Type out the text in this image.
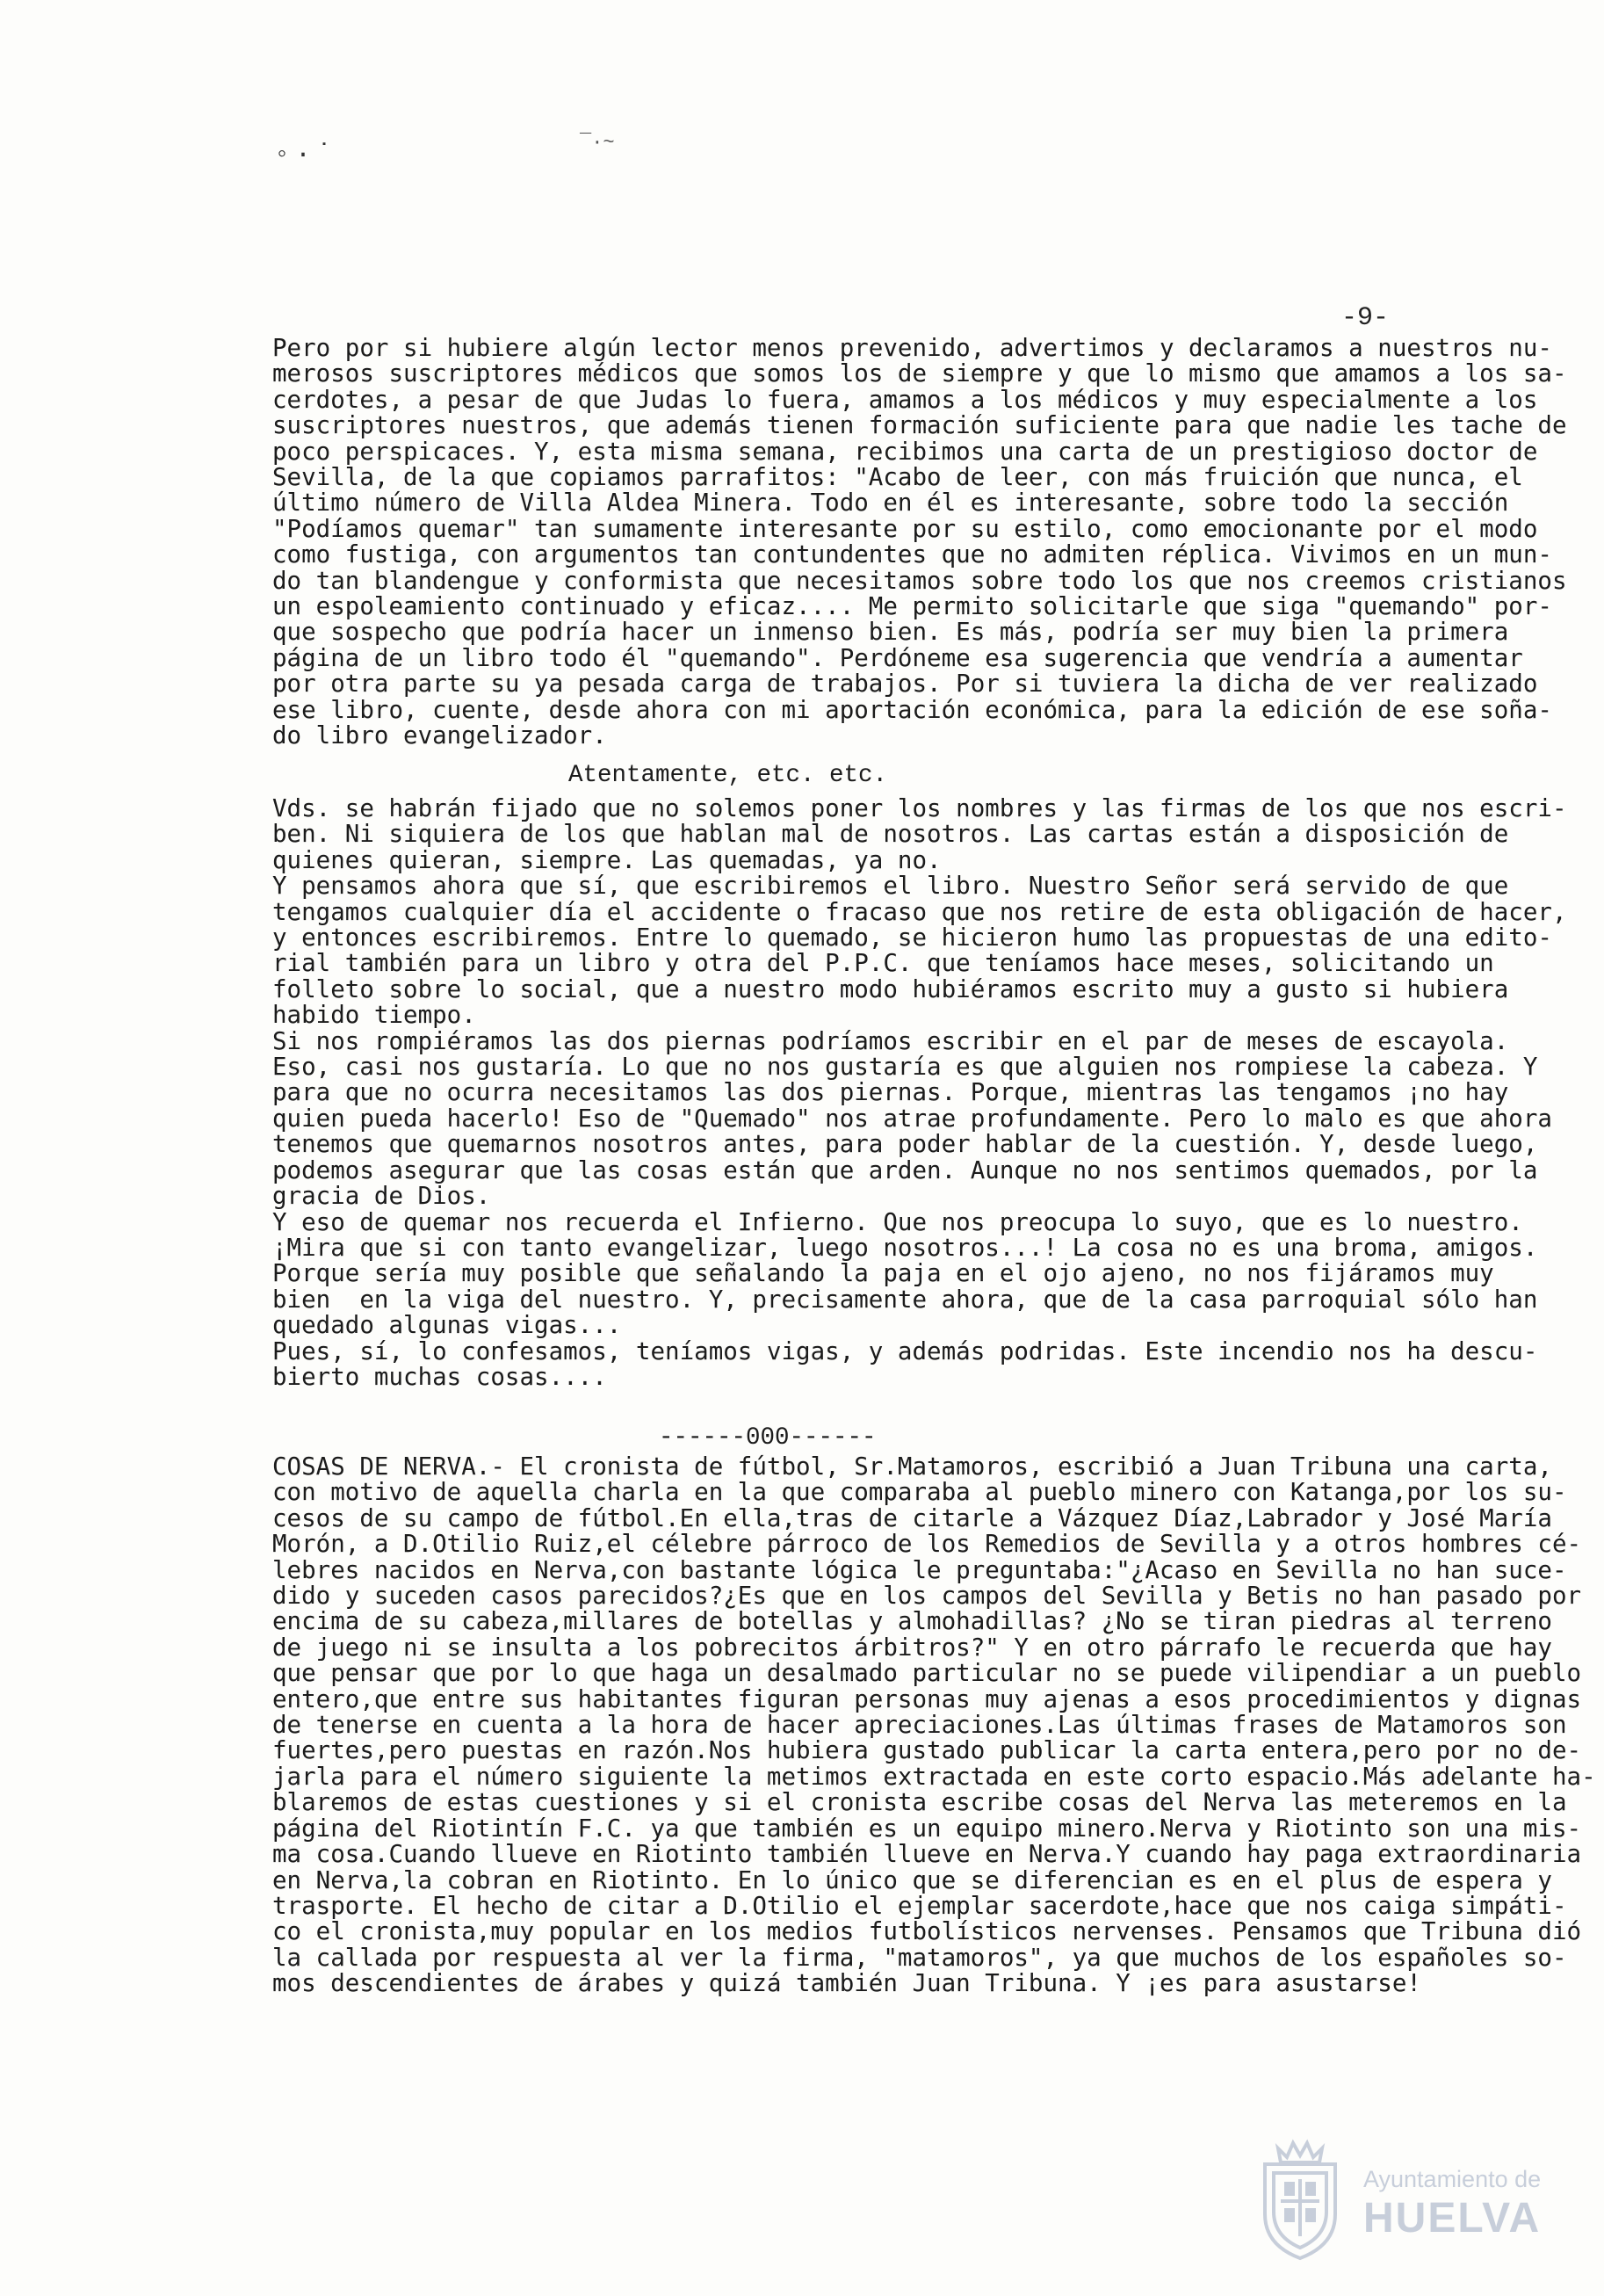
◦·˙	‾·~
-9-
Pero por si hubiere algún lector menos prevenido, advertimos y declaramos a nuestros nu-
merosos suscriptores médicos que somos los de siempre y que lo mismo que amamos a los sa-
cerdotes, a pesar de que Judas lo fuera, amamos a los médicos y muy especialmente a los
suscriptores nuestros, que además tienen formación suficiente para que nadie les tache de
poco perspicaces. Y, esta misma semana, recibimos una carta de un prestigioso doctor de
Sevilla, de la que copiamos parrafitos: "Acabo de leer, con más fruición que nunca, el
último número de Villa Aldea Minera. Todo en él es interesante, sobre todo la sección
"Podíamos quemar" tan sumamente interesante por su estilo, como emocionante por el modo
como fustiga, con argumentos tan contundentes que no admiten réplica. Vivimos en un mun-
do tan blandengue y conformista que necesitamos sobre todo los que nos creemos cristianos
un espoleamiento continuado y eficaz.... Me permito solicitarle que siga "quemando" por-
que sospecho que podría hacer un inmenso bien. Es más, podría ser muy bien la primera
página de un libro todo él "quemando". Perdóneme esa sugerencia que vendría a aumentar
por otra parte su ya pesada carga de trabajos. Por si tuviera la dicha de ver realizado
ese libro, cuente, desde ahora con mi aportación económica, para la edición de ese soña-
do libro evangelizador.
Atentamente, etc. etc.
Vds. se habrán fijado que no solemos poner los nombres y las firmas de los que nos escri-
ben. Ni siquiera de los que hablan mal de nosotros. Las cartas están a disposición de
quienes quieran, siempre. Las quemadas, ya no.
Y pensamos ahora que sí, que escribiremos el libro. Nuestro Señor será servido de que
tengamos cualquier día el accidente o fracaso que nos retire de esta obligación de hacer,
y entonces escribiremos. Entre lo quemado, se hicieron humo las propuestas de una edito-
rial también para un libro y otra del P.P.C. que teníamos hace meses, solicitando un
folleto sobre lo social, que a nuestro modo hubiéramos escrito muy a gusto si hubiera
habido tiempo.
Si nos rompiéramos las dos piernas podríamos escribir en el par de meses de escayola.
Eso, casi nos gustaría. Lo que no nos gustaría es que alguien nos rompiese la cabeza. Y
para que no ocurra necesitamos las dos piernas. Porque, mientras las tengamos ¡no hay
quien pueda hacerlo! Eso de "Quemado" nos atrae profundamente. Pero lo malo es que ahora
tenemos que quemarnos nosotros antes, para poder hablar de la cuestión. Y, desde luego,
podemos asegurar que las cosas están que arden. Aunque no nos sentimos quemados, por la
gracia de Dios.
Y eso de quemar nos recuerda el Infierno. Que nos preocupa lo suyo, que es lo nuestro.
¡Mira que si con tanto evangelizar, luego nosotros...! La cosa no es una broma, amigos.
Porque sería muy posible que señalando la paja en el ojo ajeno, no nos fijáramos muy
bien  en la viga del nuestro. Y, precisamente ahora, que de la casa parroquial sólo han
quedado algunas vigas...
Pues, sí, lo confesamos, teníamos vigas, y además podridas. Este incendio nos ha descu-
bierto muchas cosas....
------000------
COSAS DE NERVA.- El cronista de fútbol, Sr.Matamoros, escribió a Juan Tribuna una carta,
con motivo de aquella charla en la que comparaba al pueblo minero con Katanga,por los su-
cesos de su campo de fútbol.En ella,tras de citarle a Vázquez Díaz,Labrador y José María
Morón, a D.Otilio Ruiz,el célebre párroco de los Remedios de Sevilla y a otros hombres cé-
lebres nacidos en Nerva,con bastante lógica le preguntaba:"¿Acaso en Sevilla no han suce-
dido y suceden casos parecidos?¿Es que en los campos del Sevilla y Betis no han pasado por
encima de su cabeza,millares de botellas y almohadillas? ¿No se tiran piedras al terreno
de juego ni se insulta a los pobrecitos árbitros?" Y en otro párrafo le recuerda que hay
que pensar que por lo que haga un desalmado particular no se puede vilipendiar a un pueblo
entero,que entre sus habitantes figuran personas muy ajenas a esos procedimientos y dignas
de tenerse en cuenta a la hora de hacer apreciaciones.Las últimas frases de Matamoros son
fuertes,pero puestas en razón.Nos hubiera gustado publicar la carta entera,pero por no de-
jarla para el número siguiente la metimos extractada en este corto espacio.Más adelante ha-
blaremos de estas cuestiones y si el cronista escribe cosas del Nerva las meteremos en la
página del Riotintín F.C. ya que también es un equipo minero.Nerva y Riotinto son una mis-
ma cosa.Cuando llueve en Riotinto también llueve en Nerva.Y cuando hay paga extraordinaria
en Nerva,la cobran en Riotinto. En lo único que se diferencian es en el plus de espera y
trasporte. El hecho de citar a D.Otilio el ejemplar sacerdote,hace que nos caiga simpáti-
co el cronista,muy popular en los medios futbolísticos nervenses. Pensamos que Tribuna dió
la callada por respuesta al ver la firma, "matamoros", ya que muchos de los españoles so-
mos descendientes de árabes y quizá también Juan Tribuna. Y ¡es para asustarse!
Ayuntamiento de
HUELVA
